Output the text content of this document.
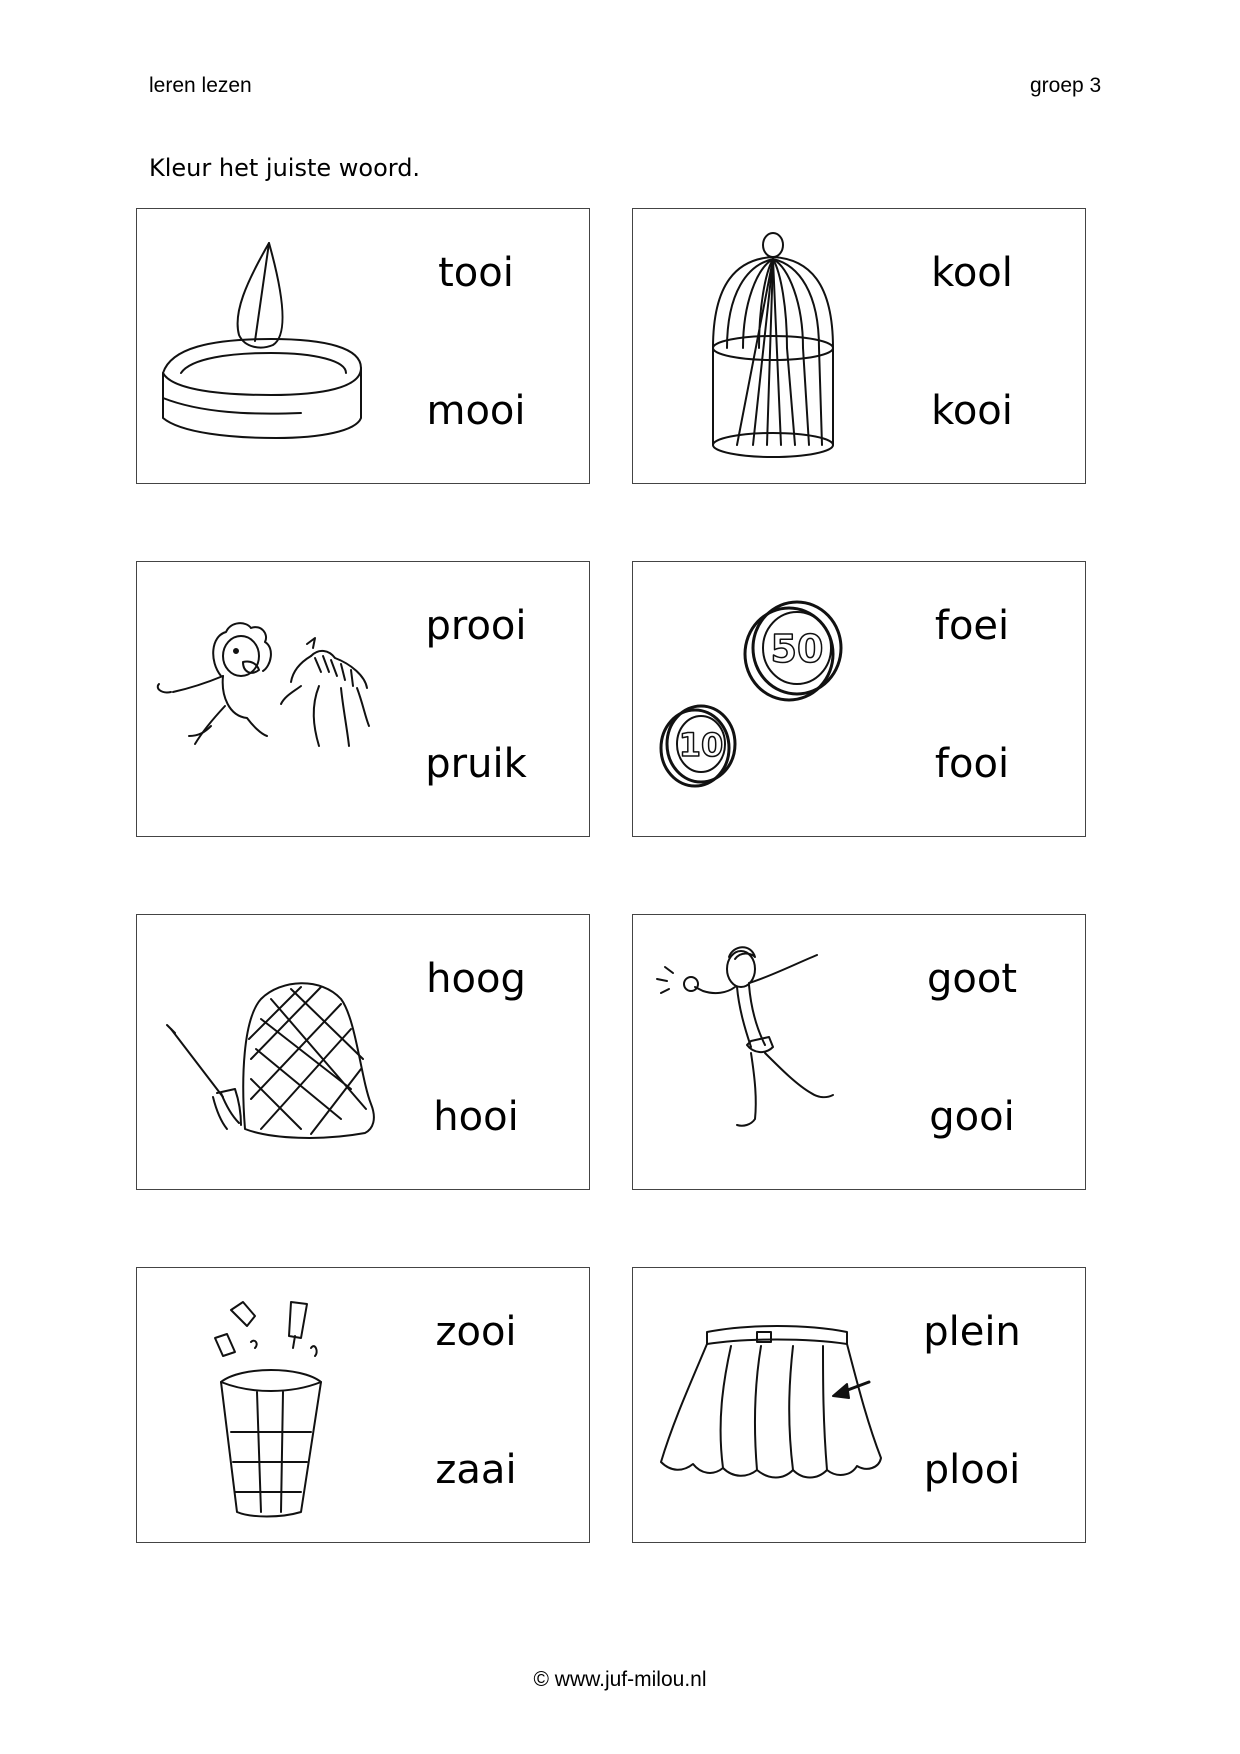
leren lezen	groep 3
Kleur het juiste woord.
tooi
mooi
kool
kooi
prooi
pruik
50
10
foei
fooi
hoog
hooi
goot
gooi
zooi
zaai
plein
plooi
© www.juf-milou.nl
